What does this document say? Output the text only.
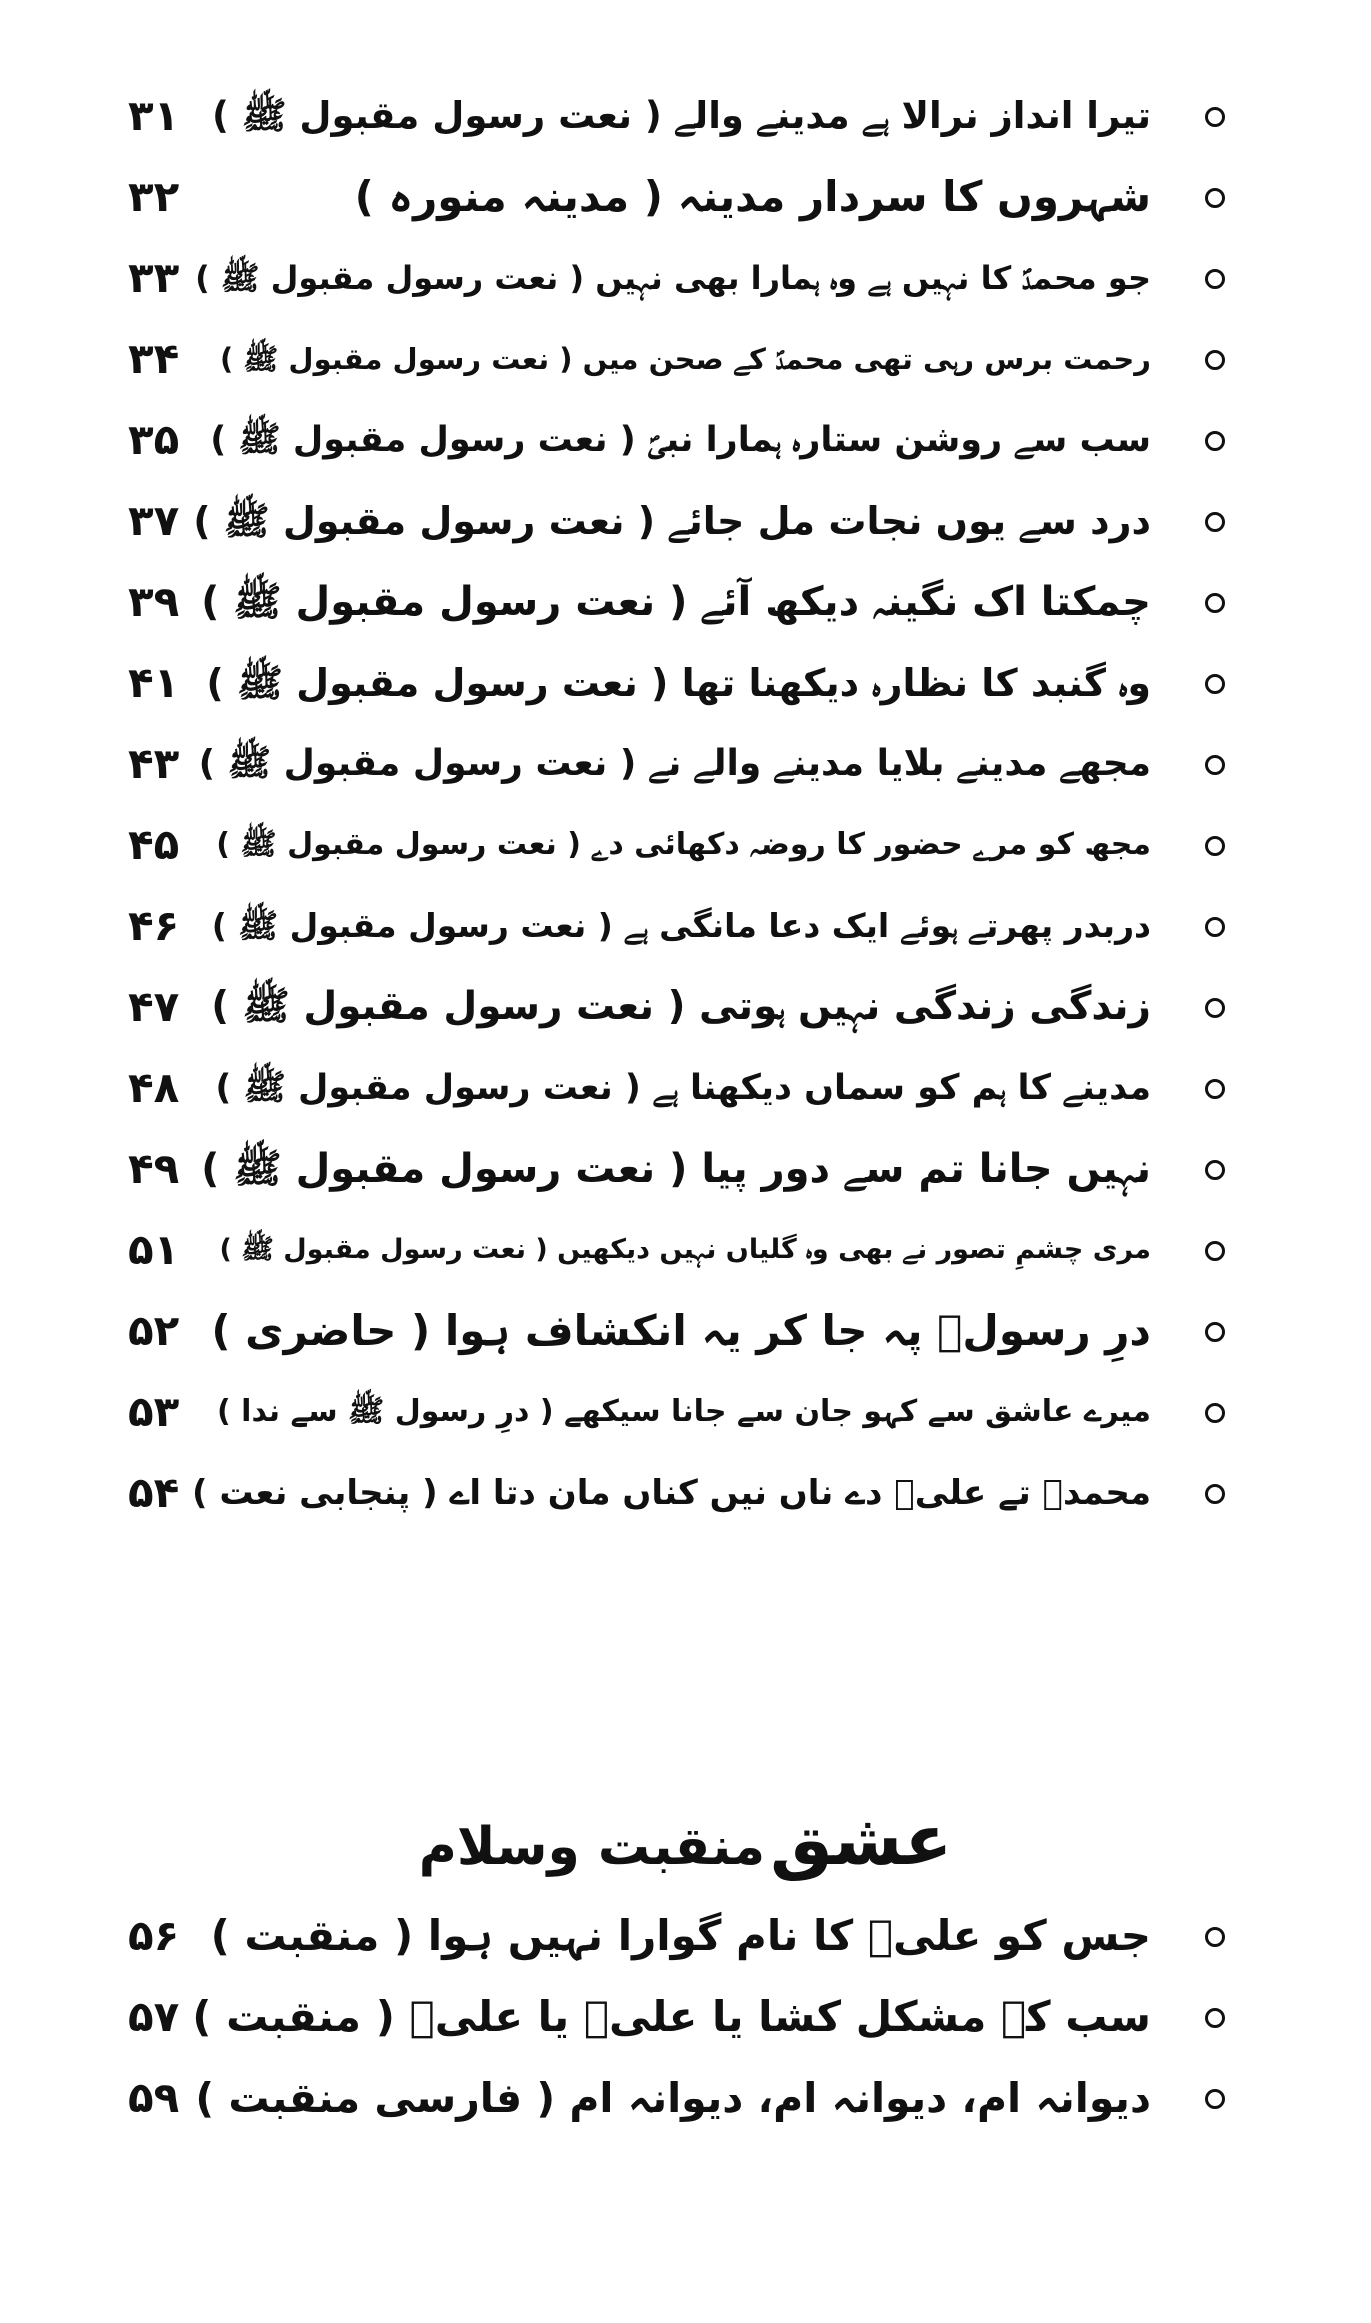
تیرا انداز نرالا ہے مدینے والے ( نعت رسول مقبول ﷺ )
۳۱
شہروں کا سردار مدینہ ( مدینہ منورہ )
۳۲
جو محمدؐ کا نہیں ہے وہ ہمارا بھی نہیں ( نعت رسول مقبول ﷺ )
۳۳
رحمت برس رہی تھی محمدؐ کے صحن میں ( نعت رسول مقبول ﷺ )
۳۴
سب سے روشن ستارہ ہمارا نبیؐ ( نعت رسول مقبول ﷺ )
۳۵
درد سے یوں نجات مل جائے ( نعت رسول مقبول ﷺ )
۳۷
چمکتا اک نگینہ دیکھ آئے ( نعت رسول مقبول ﷺ )
۳۹
وہ گنبد کا نظارہ دیکھنا تھا ( نعت رسول مقبول ﷺ )
۴۱
مجھے مدینے بلایا مدینے والے نے ( نعت رسول مقبول ﷺ )
۴۳
مجھ کو مرے حضور کا روضہ دکھائی دے ( نعت رسول مقبول ﷺ )
۴۵
دربدر پھرتے ہوئے ایک دعا مانگی ہے ( نعت رسول مقبول ﷺ )
۴۶
زندگی زندگی نہیں ہوتی ( نعت رسول مقبول ﷺ )
۴۷
مدینے کا ہم کو سماں دیکھنا ہے ( نعت رسول مقبول ﷺ )
۴۸
نہیں جانا تم سے دور پیا ( نعت رسول مقبول ﷺ )
۴۹
مری چشمِ تصور نے بھی وہ گلیاں نہیں دیکھیں ( نعت رسول مقبول ﷺ )
۵۱
درِ رسولؐ پہ جا کر یہ انکشاف ہوا ( حاضری )
۵۲
میرے عاشق سے کہو جان سے جانا سیکھے ( درِ رسول ﷺ سے ندا )
۵۳
محمدؐ تے علیؑ دے ناں نیں کناں مان دتا اے ( پنجابی نعت )
۵۴
عشق منقبت وسلام
جس کو علیؑ کا نام گوارا نہیں ہوا ( منقبت )
۵۶
سب کے مشکل کشا یا علیؑ یا علیؑ ( منقبت )
۵۷
دیوانہ ام، دیوانہ ام، دیوانہ ام ( فارسی منقبت )
۵۹
